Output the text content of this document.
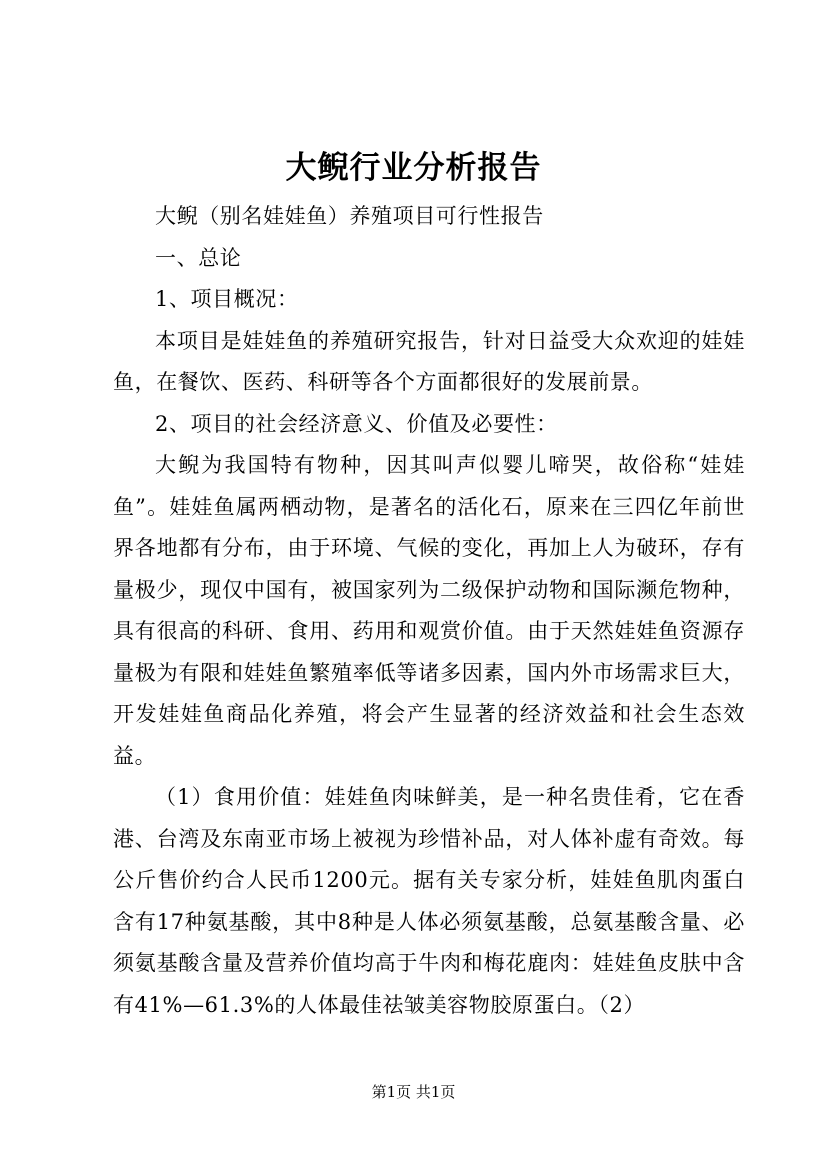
大鲵行业分析报告

大鲵（别名娃娃鱼）养殖项目可行性报告

一、总论

1、项目概况：

本项目是娃娃鱼的养殖研究报告，针对日益受大众欢迎的娃娃鱼，在餐饮、医药、科研等各个方面都很好的发展前景。

2、项目的社会经济意义、价值及必要性：

大鲵为我国特有物种，因其叫声似婴儿啼哭，故俗称“娃娃鱼”。娃娃鱼属两栖动物，是著名的活化石，原来在三四亿年前世界各地都有分布，由于环境、气候的变化，再加上人为破环，存有量极少，现仅中国有，被国家列为二级保护动物和国际濒危物种，具有很高的科研、食用、药用和观赏价值。由于天然娃娃鱼资源存量极为有限和娃娃鱼繁殖率低等诸多因素，国内外市场需求巨大，开发娃娃鱼商品化养殖，将会产生显著的经济效益和社会生态效益。

（1）食用价值：娃娃鱼肉味鲜美，是一种名贵佳肴，它在香港、台湾及东南亚市场上被视为珍惜补品，对人体补虚有奇效。每公斤售价约合人民币1200元。据有关专家分析，娃娃鱼肌肉蛋白含有17种氨基酸，其中8种是人体必须氨基酸，总氨基酸含量、必须氨基酸含量及营养价值均高于牛肉和梅花鹿肉：娃娃鱼皮肤中含有41%—61.3%的人体最佳祛皱美容物胶原蛋白。（2）

第1页 共1页
